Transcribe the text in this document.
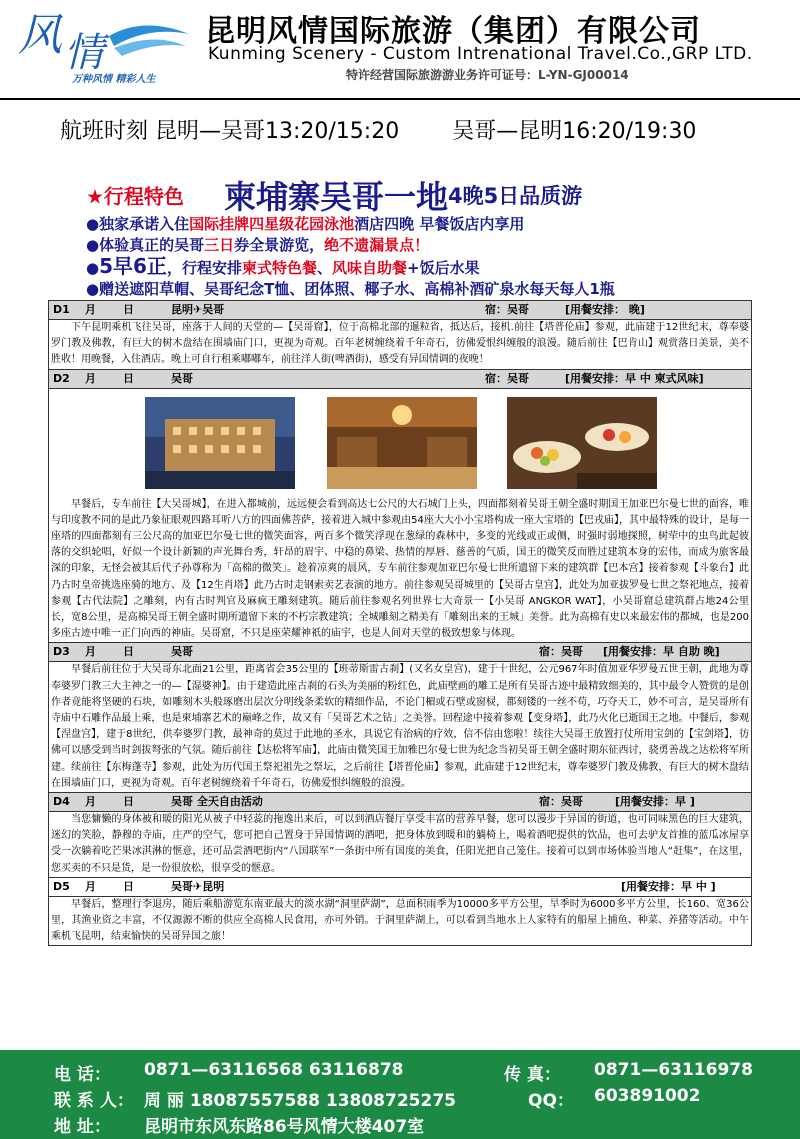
风 情
万种风情 精彩人生
昆明风情国际旅游（集团）有限公司
Kunming Scenery - Custom Intrenational Travel.Co.,GRP LTD.
特许经营国际旅游游业务许可证号：L-YN-GJ00014
航班时刻 昆明—吴哥13:20/15:20 吴哥—昆明16:20/19:30
★行程特色 柬埔寨吴哥一地4晚5日品质游
●独家承诺入住国际挂牌四星级花园泳池酒店四晚 早餐饭店内享用
●体验真正的吴哥三日券全景游览，绝不遗漏景点！
●5早6正，行程安排柬式特色餐、风味自助餐+饭后水果
●赠送遮阳草帽、吴哥纪念T恤、团体照、椰子水、高棉补酒矿泉水每天每人1瓶
D1 月 日	昆明✈吴哥	宿：吴哥	[用餐安排： 晚]
下午昆明乘机飞往吴哥，座落于人间的天堂的—【吴哥窟】，位于高棉北部的暹粒省，抵达后，接机.前往【塔普伦庙】参观，此庙建于12世纪末，尊奉婆罗门教及佛教，有巨大的树木盘结在围墙庙门口，更视为奇观。百年老树缠绕着千年奇石，彷佛爱恨纠缠般的浪漫。随后前往【巴肯山】观赏落日美景，美不胜收！用晚餐，入住酒店。晚上可自行租乘嘟嘟车，前往洋人街(啤酒街)，感受有异国情调的夜晚！
D2 月 日	吴哥	宿：吴哥	[用餐安排：早 中 柬式风味]
早餐后，专车前往【大吴哥城】，在进入都城前，远远便会看到高达七公尺的大石城门上头，四面都刻着吴哥王朝全盛时期国王加亚巴尔曼七世的面容，唯与印度教不同的是此乃象征眼观四路耳听八方的四面佛菩萨，接着进入城中参观由54座大大小小宝塔构成一座大宝塔的【巴戎庙】，其中最特殊的设计，是每一座塔的四面都刻有三公尺高的加亚巴尔曼七世的微笑面容，两百多个微笑浮现在葱绿的森林中，多变的光线或正或侧，时强时弱地探照，树荦中的虫鸟此起彼落的交织轮唱，好似一个设计新颖的声光舞台秀，轩昂的眉宇、中稳的鼻梁、热情的厚唇、慈善的气质，国王的微笑反而胜过建筑本身的宏伟，而成为旅客最深的印象，无怪会被其后代子孙尊称为「高棉的微笑」。趁着凉爽的晨风，专车前往参观加亚巴尔曼七世所遗留下来的建筑群【巴本宫】接着参观【斗象台】此乃古时皇帝挑选座骑的地方、及【12生肖塔】此乃古时走钢索卖艺表演的地方。前往参观吴哥城里的【吴哥古皇宫】，此处为加亚拔罗曼七世之祭祀地点，接着参观【古代法院】之雕刻，内有古时判官及麻疯王雕刻建筑。随后前往参观名列世界七大奇景一【小吴哥 ANGKOR WAT】，小吴哥窟总建筑群占地24公里长，宽8公里，是高棉吴哥王朝全盛时期所遗留下来的不朽宗教建筑；全城雕刻之精美有「雕刻出来的王城」美誉。此为高棉有史以来最宏伟的都城，也是200多座古迹中唯一正门向西的神庙。吴哥窟，不只是座荣耀神祇的庙宇，也是人间对天堂的极致想象与体现。
D3 月 日	吴哥	宿：吴哥 [用餐安排：早 自助 晚]
早餐后前往位于大吴哥东北面21公里，距离省会35公里的【班蒂斯雷古刹】(又名女皇宫)，建于十世纪，公元967年时值加亚华罗曼五世王朝，此地为尊奉婆罗门教三大主神之一的—【湿婆神】。由于建造此座古刹的石头为美丽的粉红色，此庙壁画的雕工是所有吴哥古迹中最精致细美的，其中最令人赞赏的是创作者竟能将坚硬的石块，如雕刻木头般琢磨出层次分明线条柔软的精细作品，不论门楣或石壁或窗棂，都刻镂的一丝不苟，巧夺天工，妙不可言，是吴哥所有寺庙中石雕作品最上乘，也是柬埔寨艺术的巅峰之作，故又有「吴哥艺术之钻」之美誉。回程途中接着参观【变身塔】，此乃火化已逝国王之地。中餐后，参观【涅盘宫】，建于8世纪，供奉婆罗门教，最神奇的莫过于此地的圣水，具说它有治病的疗效，信不信由您啦！续往大吴哥王放置打仗所用宝剑的【宝剑塔】，彷佛可以感受到当时剑拔弩张的气氛。随后前往【达松将军庙】，此庙由微笑国王加雅巴尔曼七世为纪念当初吴哥王朝全盛时期东征西讨，骁勇善战之达松将军所建。续前往【东梅蓬寺】参观，此处为历代国王祭祀祖先之祭坛，之后前往【塔普伦庙】参观，此庙建于12世纪末，尊奉婆罗门教及佛教，有巨大的树木盘结在围墙庙门口，更视为奇观。百年老树缠绕着千年奇石，彷佛爱恨纠缠般的浪漫。
D4 月 日	吴哥 全天自由活动	宿：吴哥	[用餐安排：早 ]
当您慵懒的身体被和暖的阳光从被子中轻蕊的拖逸出来后，可以到酒店餐厅享受丰富的营养早餐，您可以漫步于异国的街道，也可同味黑色的巨大建筑，迷幻的笑脸，静穆的寺庙，庄严的空气，您可把自己置身于异国情调的酒吧，把身体放到暖和的躺椅上，喝着酒吧提供的饮品，也可去驴友首推的蓝瓜冰屋享受一次躺着吃芒果冰淇淋的惬意，还可品尝酒吧街内“八国联军”一条街中所有国度的美食，任阳光把自己笼住。接着可以到市场体验当地人“赶集”，在这里，您买卖的不只是货，是一份很放松，很享受的惬意。
D5 月 日	吴哥✈昆明	[用餐安排：早 中 ]
早餐后，整理行李退房，随后乘船游览东南亚最大的淡水湖“洞里萨湖”，总面积雨季为10000多平方公里，旱季时为6000多平方公里，长160、宽36公里，其渔业资之丰富，不仅源源不断的供应全高棉人民食用，亦可外销。于洞里萨湖上，可以看到当地水上人家特有的船屋上捕鱼、种菜、养猪等活动。中午乘机飞昆明，结束愉快的吴哥异国之旅！
电 话： 0871—63116568 63116878	传 真： 0871—63116978
联 系 人： 周 丽 18087557588 13808725275	QQ： 603891002
地 址： 昆明市东风东路86号风情大楼407室
